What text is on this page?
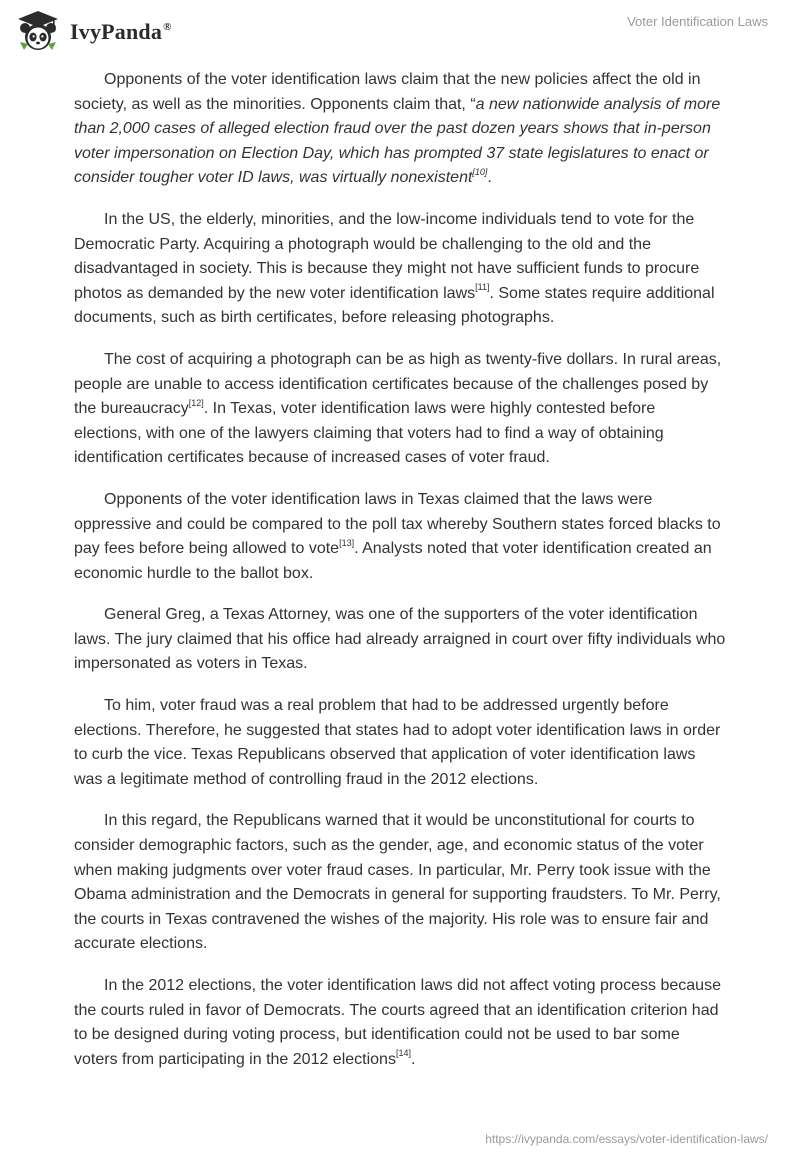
IvyPanda®	Voter Identification Laws

Opponents of the voter identification laws claim that the new policies affect the old in society, as well as the minorities. Opponents claim that, “a new nationwide analysis of more than 2,000 cases of alleged election fraud over the past dozen years shows that in-person voter impersonation on Election Day, which has prompted 37 state legislatures to enact or consider tougher voter ID laws, was virtually nonexistent[10].

In the US, the elderly, minorities, and the low-income individuals tend to vote for the Democratic Party. Acquiring a photograph would be challenging to the old and the disadvantaged in society. This is because they might not have sufficient funds to procure photos as demanded by the new voter identification laws[11]. Some states require additional documents, such as birth certificates, before releasing photographs.

The cost of acquiring a photograph can be as high as twenty-five dollars. In rural areas, people are unable to access identification certificates because of the challenges posed by the bureaucracy[12]. In Texas, voter identification laws were highly contested before elections, with one of the lawyers claiming that voters had to find a way of obtaining identification certificates because of increased cases of voter fraud.

Opponents of the voter identification laws in Texas claimed that the laws were oppressive and could be compared to the poll tax whereby Southern states forced blacks to pay fees before being allowed to vote[13]. Analysts noted that voter identification created an economic hurdle to the ballot box.

General Greg, a Texas Attorney, was one of the supporters of the voter identification laws. The jury claimed that his office had already arraigned in court over fifty individuals who impersonated as voters in Texas.

To him, voter fraud was a real problem that had to be addressed urgently before elections. Therefore, he suggested that states had to adopt voter identification laws in order to curb the vice. Texas Republicans observed that application of voter identification laws was a legitimate method of controlling fraud in the 2012 elections.

In this regard, the Republicans warned that it would be unconstitutional for courts to consider demographic factors, such as the gender, age, and economic status of the voter when making judgments over voter fraud cases. In particular, Mr. Perry took issue with the Obama administration and the Democrats in general for supporting fraudsters. To Mr. Perry, the courts in Texas contravened the wishes of the majority. His role was to ensure fair and accurate elections.

In the 2012 elections, the voter identification laws did not affect voting process because the courts ruled in favor of Democrats. The courts agreed that an identification criterion had to be designed during voting process, but identification could not be used to bar some voters from participating in the 2012 elections[14].

https://ivypanda.com/essays/voter-identification-laws/
